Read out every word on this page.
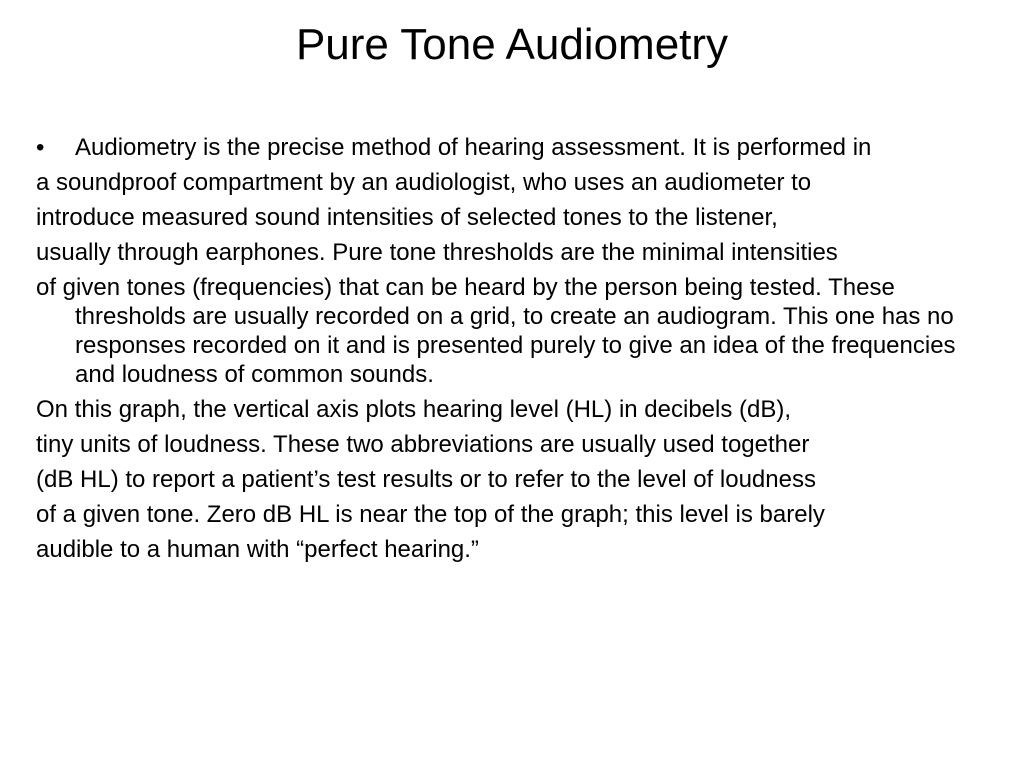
Pure Tone Audiometry

• Audiometry is the precise method of hearing assessment. It is performed in

a soundproof compartment by an audiologist, who uses an audiometer to

introduce measured sound intensities of selected tones to the listener,

usually through earphones. Pure tone thresholds are the minimal intensities

of given tones (frequencies) that can be heard by the person being tested. These thresholds are usually recorded on a grid, to create an audiogram. This one has no responses recorded on it and is presented purely to give an idea of the frequencies and loudness of common sounds.

On this graph, the vertical axis plots hearing level (HL) in decibels (dB),

tiny units of loudness. These two abbreviations are usually used together

(dB HL) to report a patient’s test results or to refer to the level of loudness

of a given tone. Zero dB HL is near the top of the graph; this level is barely

audible to a human with “perfect hearing.”
